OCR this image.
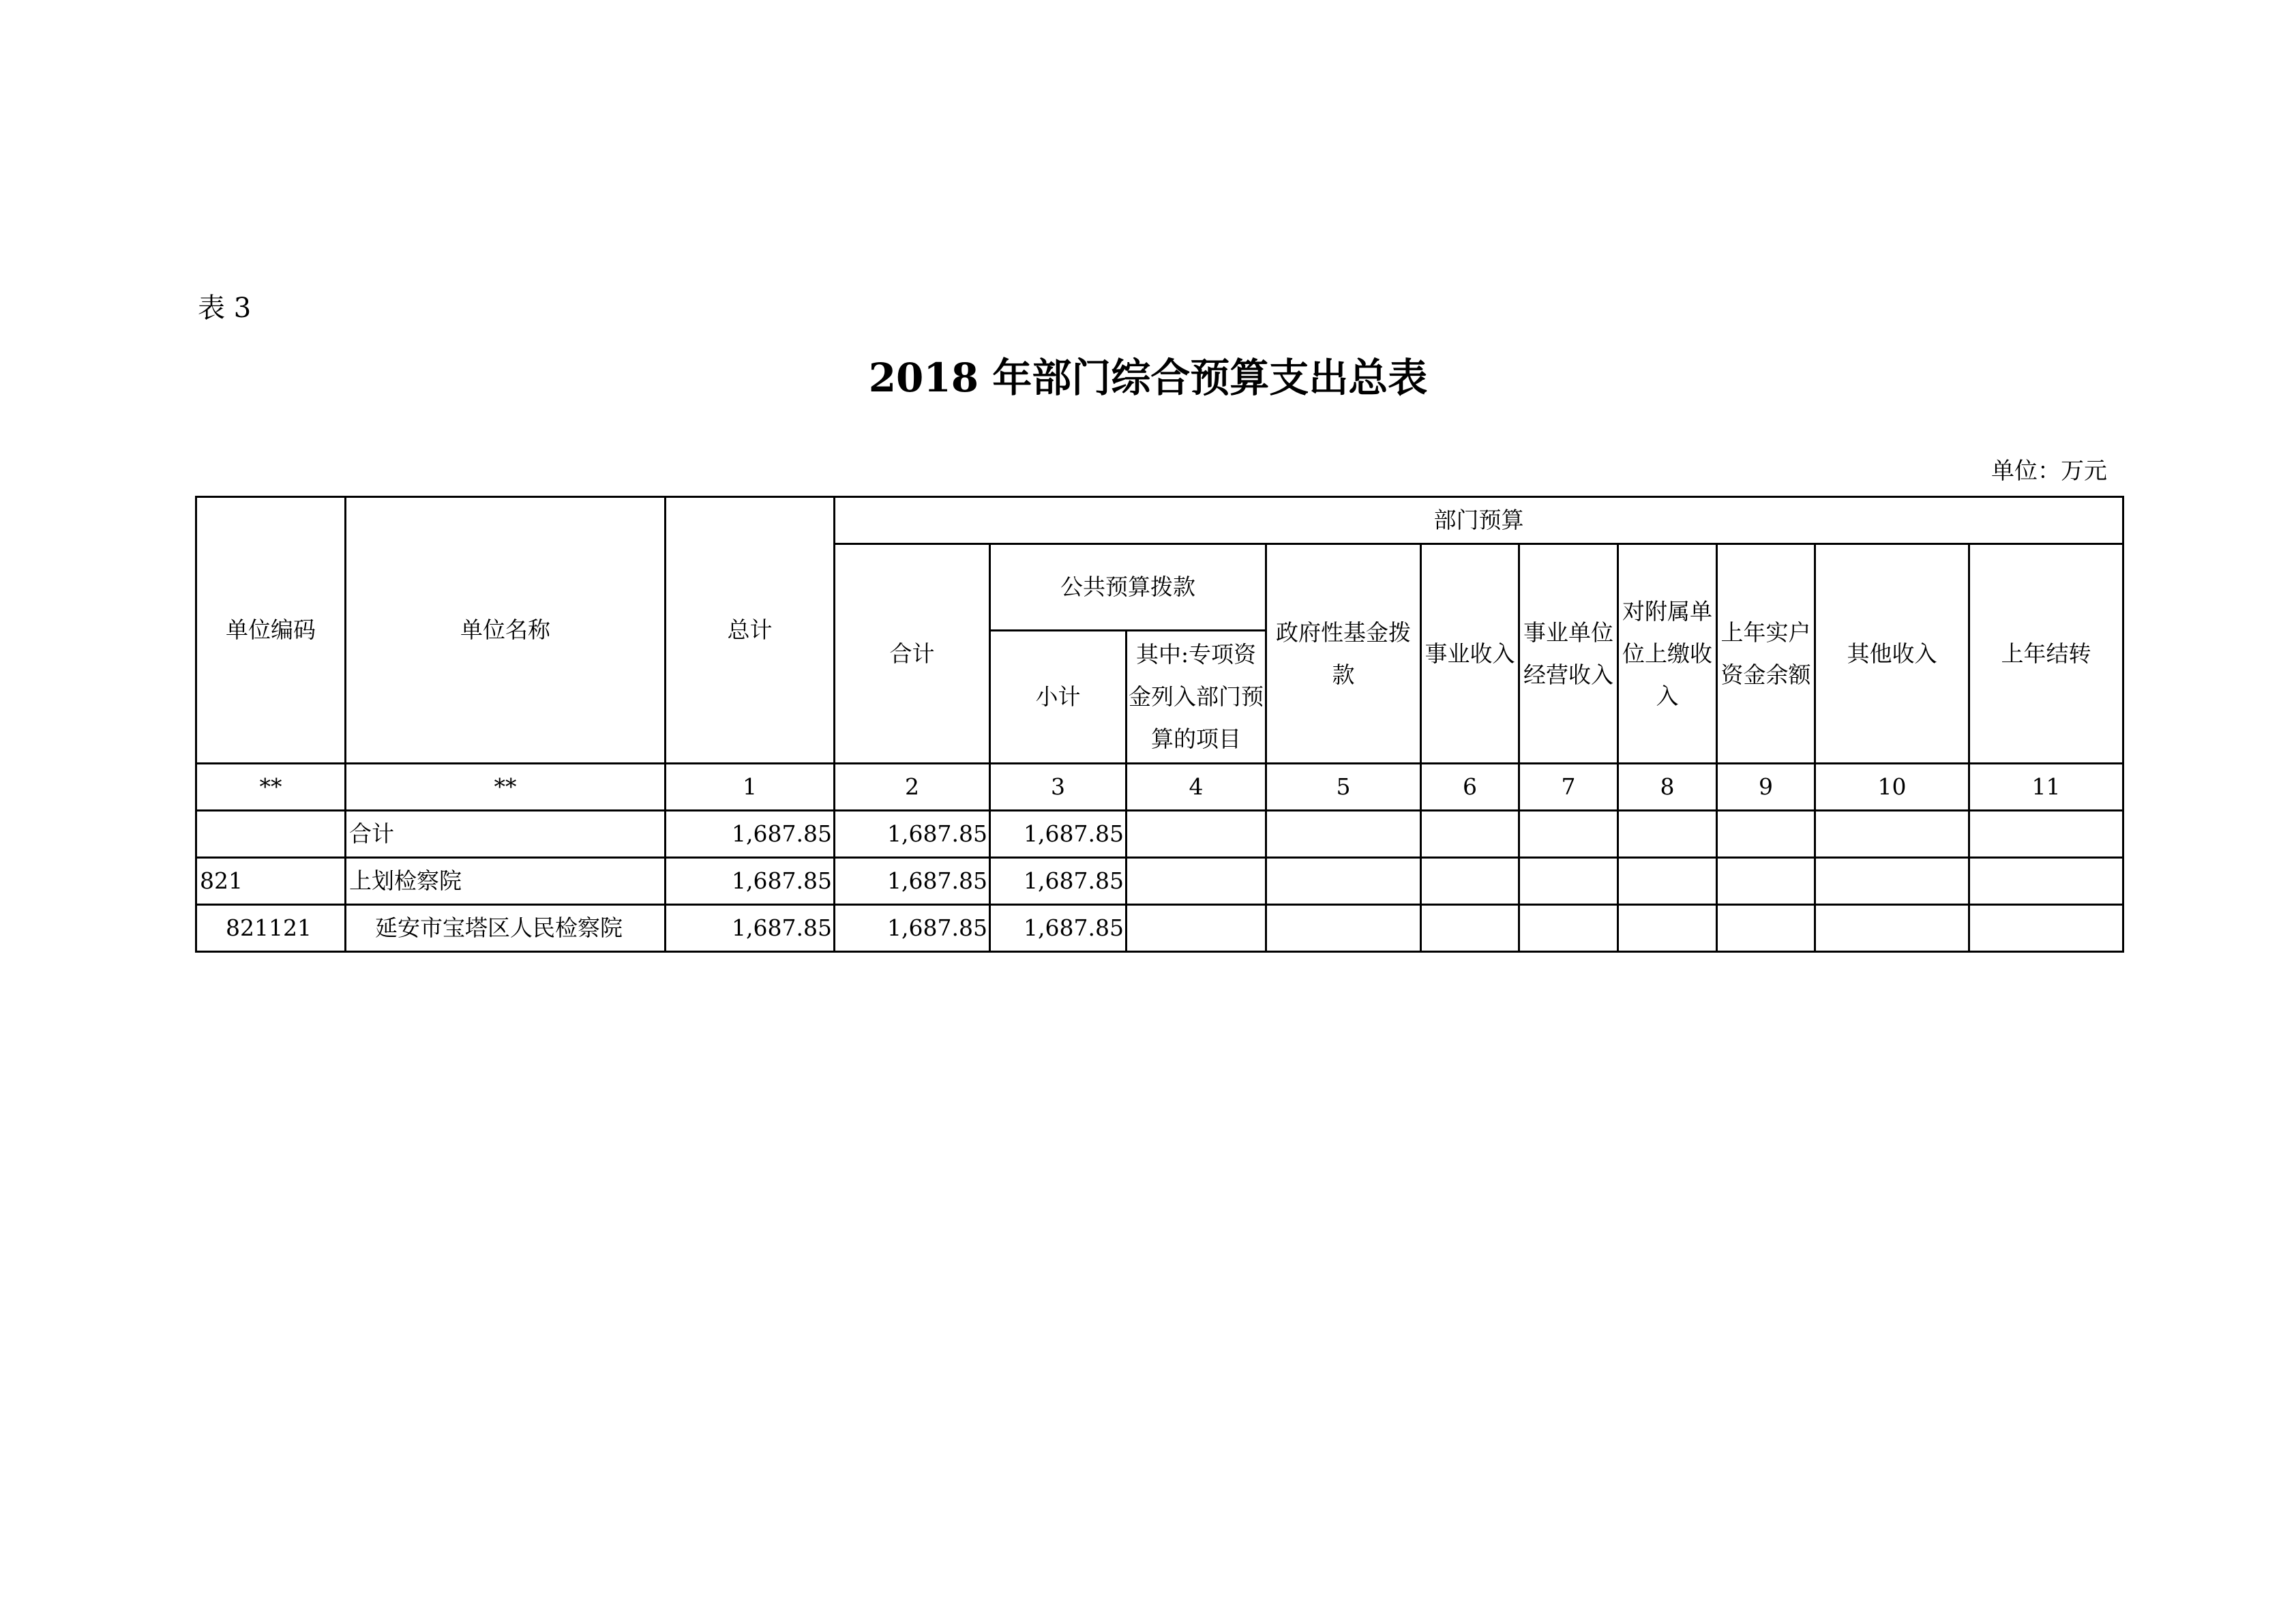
表 3
2018 年部门综合预算支出总表
单位：万元
单位编码	单位名称	总计	部门预算									
			合计	公共预算拨款		政府性基金拨款	事业收入	事业单位经营收入	对附属单位上缴收入	上年实户资金余额	其他收入	上年结转
				小计	其中:专项资金列入部门预算的项目							
**	**	1	2	3	4	5	6	7	8	9	10	11
	合计	1,687.85	1,687.85	1,687.85								
821	上划检察院	1,687.85	1,687.85	1,687.85								
821121	延安市宝塔区人民检察院	1,687.85	1,687.85	1,687.85								
